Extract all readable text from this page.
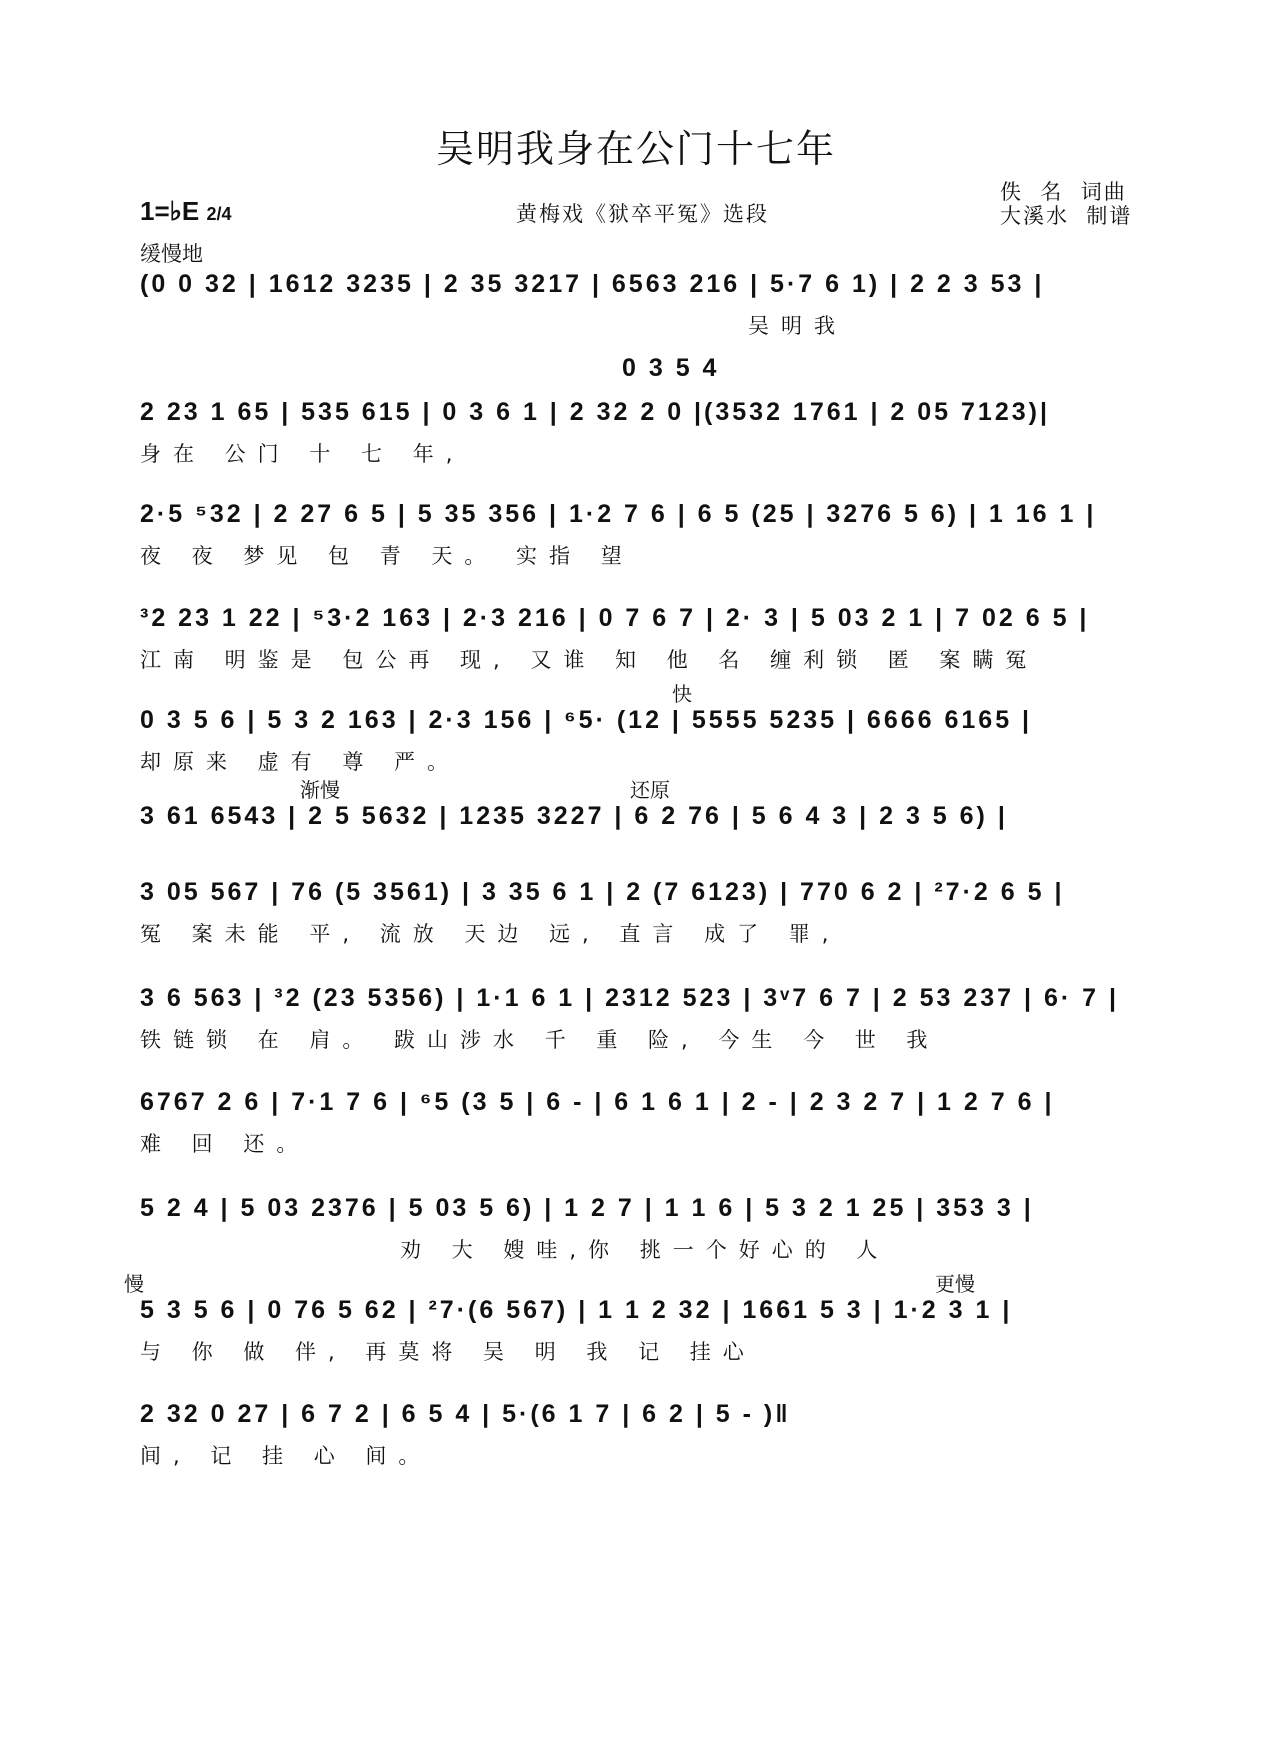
吴明我身在公门十七年
1=♭E 2/4
缓慢地
黄梅戏《狱卒平冤》选段
佚  名  词曲
大溪水  制谱
(0 0 32 | 1612 3235 | 2 35 3217 | 6563 216 | 5·7 6 1) | 2 2 3 53 |
吴明我
0 3 5 4
2 23 1 65 | 535 615 | 0 3 6 1 | 2 32 2 0 |(3532 1761 | 2 05 7123)|
身在 公门 十 七 年,
2·5 ⁵32 | 2 27 6 5 | 5 35 356 | 1·2 7 6 | 6 5 (25 | 3276 5 6) | 1 16 1 |
夜 夜 梦见 包 青 天。 实指 望
³2 23 1 22 | ⁵3·2 163 | 2·3 216 | 0 7 6 7 | 2· 3 | 5 03 2 1 | 7 02 6 5 |
江南 明鉴是 包公再 现, 又谁 知 他 名 缠利锁 匿 案瞒冤
快
0 3 5 6 | 5 3 2 163 | 2·3 156 | ⁶5· (12 | 5555 5235 | 6666 6165 |
却原来 虚有 尊 严。
渐慢	还原
3 61 6543 | 2 5 5632 | 1235 3227 | 6 2 76 | 5 6 4 3 | 2 3 5 6) |
3 05 567 | 76 (5 3561) | 3 35 6 1 | 2 (7 6123) | 770 6 2 | ²7·2 6 5 |
冤 案未能 平, 流放 天边 远, 直言 成了 罪,
3 6 563 | ³2 (23 5356) | 1·1 6 1 | 2312 523 | 3ᵛ7 6 7 | 2 53 237 | 6· 7 |
铁链锁 在 肩。 跋山涉水 千 重 险, 今生 今 世 我
6767 2 6 | 7·1 7 6 | ⁶5 (3 5 | 6 - | 6 1 6 1 | 2 - | 2 3 2 7 | 1 2 7 6 |
难 回 还。
5 2 4 | 5 03 2376 | 5 03 5 6) | 1 2 7 | 1 1 6 | 5 3 2 1 25 | 353 3 |
劝 大 嫂哇,你 挑一个好心的 人
慢	更慢
5 3 5 6 | 0 76 5 62 | ²7·(6 567) | 1 1 2 32 | 1661 5 3 | 1·2 3 1 |
与 你 做 伴, 再莫将 吴 明 我 记 挂心
2 32 0 27 | 6 7 2 | 6 5 4 | 5·(6 1 7 | 6 2 | 5 - )‖
间, 记 挂 心 间。
